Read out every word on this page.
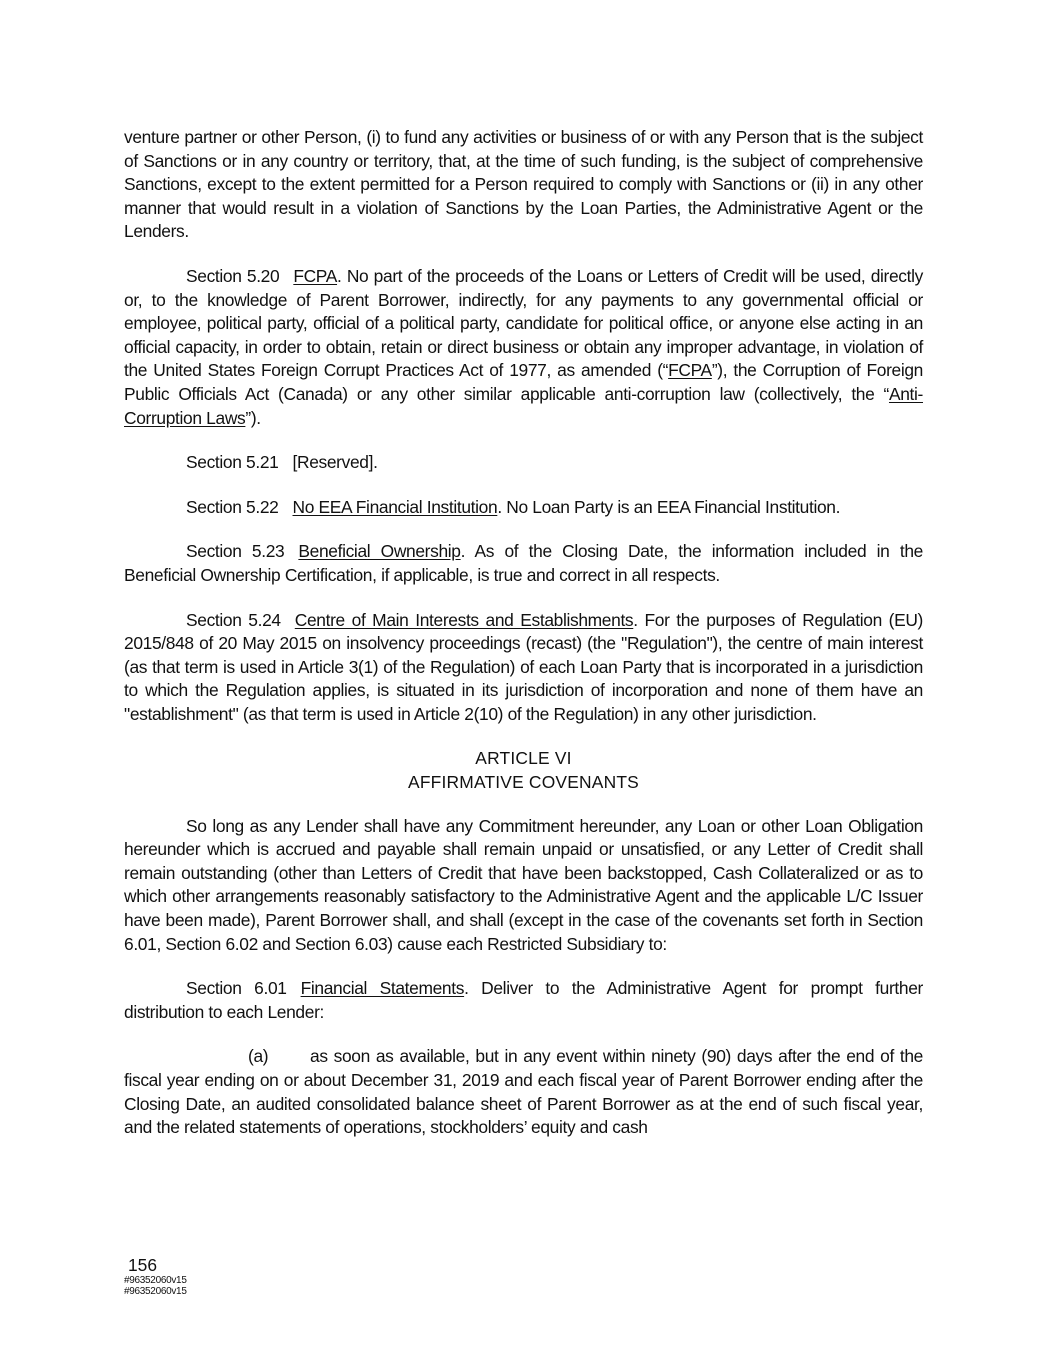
venture partner or other Person, (i) to fund any activities or business of or with any Person that is the subject of Sanctions or in any country or territory, that, at the time of such funding, is the subject of comprehensive Sanctions, except to the extent permitted for a Person required to comply with Sanctions or (ii) in any other manner that would result in a violation of Sanctions by the Loan Parties, the Administrative Agent or the Lenders.

Section 5.20 FCPA. No part of the proceeds of the Loans or Letters of Credit will be used, directly or, to the knowledge of Parent Borrower, indirectly, for any payments to any governmental official or employee, political party, official of a political party, candidate for political office, or anyone else acting in an official capacity, in order to obtain, retain or direct business or obtain any improper advantage, in violation of the United States Foreign Corrupt Practices Act of 1977, as amended (“FCPA”), the Corruption of Foreign Public Officials Act (Canada) or any other similar applicable anti-corruption law (collectively, the “Anti-Corruption Laws”).

Section 5.21 [Reserved].

Section 5.22 No EEA Financial Institution. No Loan Party is an EEA Financial Institution.

Section 5.23 Beneficial Ownership. As of the Closing Date, the information included in the Beneficial Ownership Certification, if applicable, is true and correct in all respects.

Section 5.24 Centre of Main Interests and Establishments. For the purposes of Regulation (EU) 2015/848 of 20 May 2015 on insolvency proceedings (recast) (the "Regulation"), the centre of main interest (as that term is used in Article 3(1) of the Regulation) of each Loan Party that is incorporated in a jurisdiction to which the Regulation applies, is situated in its jurisdiction of incorporation and none of them have an "establishment" (as that term is used in Article 2(10) of the Regulation) in any other jurisdiction.

ARTICLE VI
AFFIRMATIVE COVENANTS

So long as any Lender shall have any Commitment hereunder, any Loan or other Loan Obligation hereunder which is accrued and payable shall remain unpaid or unsatisfied, or any Letter of Credit shall remain outstanding (other than Letters of Credit that have been backstopped, Cash Collateralized or as to which other arrangements reasonably satisfactory to the Administrative Agent and the applicable L/C Issuer have been made), Parent Borrower shall, and shall (except in the case of the covenants set forth in Section 6.01, Section 6.02 and Section 6.03) cause each Restricted Subsidiary to:

Section 6.01 Financial Statements. Deliver to the Administrative Agent for prompt further distribution to each Lender:

(a) as soon as available, but in any event within ninety (90) days after the end of the fiscal year ending on or about December 31, 2019 and each fiscal year of Parent Borrower ending after the Closing Date, an audited consolidated balance sheet of Parent Borrower as at the end of such fiscal year, and the related statements of operations, stockholders’ equity and cash

156
#96352060v15
#96352060v15
